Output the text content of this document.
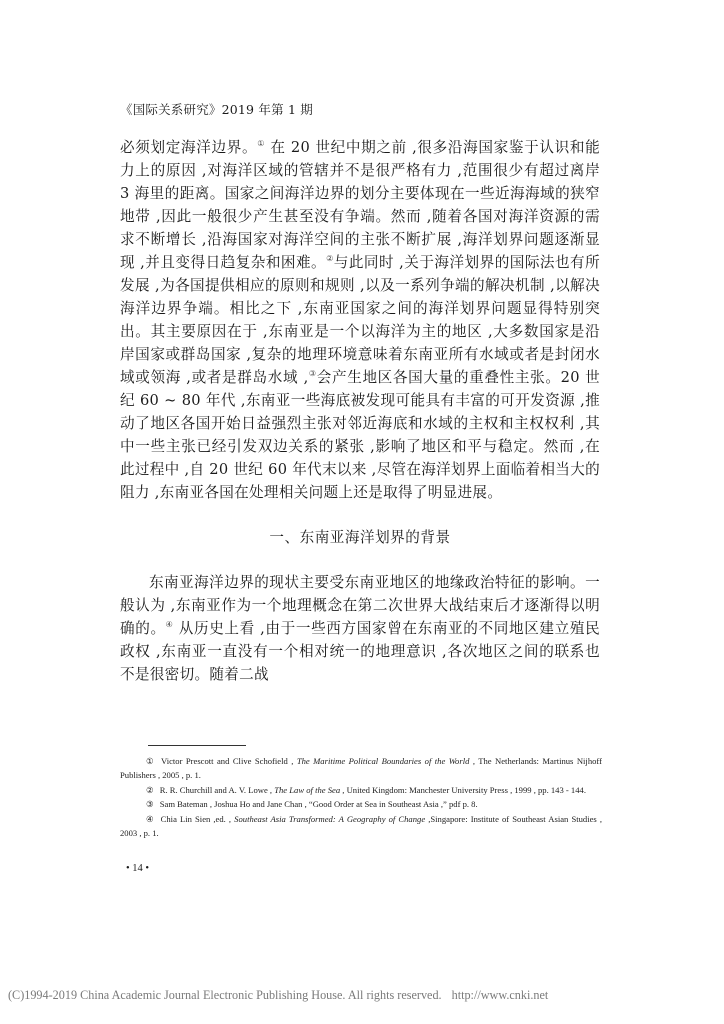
《国际关系研究》2019 年第 1 期

必须划定海洋边界。① 在 20 世纪中期之前 ,很多沿海国家鉴于认识和能力上的原因 ,对海洋区域的管辖并不是很严格有力 ,范围很少有超过离岸 3 海里的距离。国家之间海洋边界的划分主要体现在一些近海海域的狭窄地带 ,因此一般很少产生甚至没有争端。然而 ,随着各国对海洋资源的需求不断增长 ,沿海国家对海洋空间的主张不断扩展 ,海洋划界问题逐渐显现 ,并且变得日趋复杂和困难。②与此同时 ,关于海洋划界的国际法也有所发展 ,为各国提供相应的原则和规则 ,以及一系列争端的解决机制 ,以解决海洋边界争端。相比之下 ,东南亚国家之间的海洋划界问题显得特别突出。其主要原因在于 ,东南亚是一个以海洋为主的地区 ,大多数国家是沿岸国家或群岛国家 ,复杂的地理环境意味着东南亚所有水域或者是封闭水域或领海 ,或者是群岛水域 ,③会产生地区各国大量的重叠性主张。20 世纪 60 ~ 80 年代 ,东南亚一些海底被发现可能具有丰富的可开发资源 ,推动了地区各国开始日益强烈主张对邻近海底和水域的主权和主权权利 ,其中一些主张已经引发双边关系的紧张 ,影响了地区和平与稳定。然而 ,在此过程中 ,自 20 世纪 60 年代末以来 ,尽管在海洋划界上面临着相当大的阻力 ,东南亚各国在处理相关问题上还是取得了明显进展。

一、东南亚海洋划界的背景

东南亚海洋边界的现状主要受东南亚地区的地缘政治特征的影响。一般认为 ,东南亚作为一个地理概念在第二次世界大战结束后才逐渐得以明确的。④ 从历史上看 ,由于一些西方国家曾在东南亚的不同地区建立殖民政权 ,东南亚一直没有一个相对统一的地理意识 ,各次地区之间的联系也不是很密切。随着二战

① Victor Prescott and Clive Schofield , The Maritime Political Boundaries of the World , The Netherlands: Martinus Nijhoff Publishers , 2005 , p. 1.

② R. R. Churchill and A. V. Lowe , The Law of the Sea , United Kingdom: Manchester University Press , 1999 , pp. 143 - 144.

③ Sam Bateman , Joshua Ho and Jane Chan , “Good Order at Sea in Southeast Asia ,” pdf p. 8.

④ Chia Lin Sien ,ed. , Southeast Asia Transformed: A Geography of Change ,Singapore: Institute of Southeast Asian Studies , 2003 , p. 1.

• 14 •
(C)1994-2019 China Academic Journal Electronic Publishing House. All rights reserved. http://www.cnki.net
